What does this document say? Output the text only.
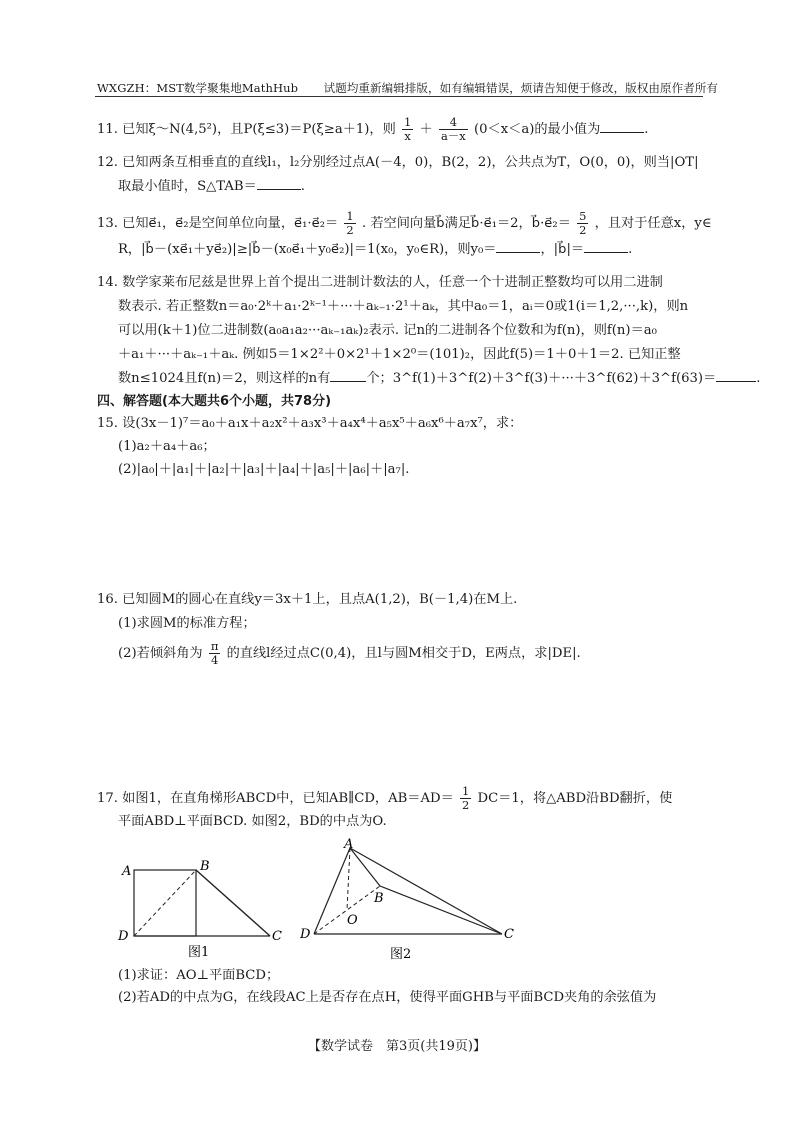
WXGZH：MST数学聚集地MathHub 试题均重新编辑排版，如有编辑错误，烦请告知便于修改，版权由原作者所有
11. 已知ξ～N(4,5²)，且P(ξ≤3)＝P(ξ≥a＋1)，则 $\frac{1}{x} + \frac{4}{a-x} (0<x<a)$的最小值为	.
12. 已知两条互相垂直的直线l₁，l₂分别经过点A(－4，0)，B(2，2)，公共点为T，O(0，0)，则当|OT|
取最小值时，S△TAB＝	.
13. 已知e⃗₁，e⃗₂是空间单位向量，e⃗₁·e⃗₂＝ $\frac{1}{2}$ . 若空间向量b⃗满足b⃗·e⃗₁＝2，b⃗·e⃗₂＝ $\frac{5}{2}$ ，且对于任意x，y∈
R，|b⃗－(xe⃗₁＋ye⃗₂)|≥|b⃗－(x₀e⃗₁＋y₀e⃗₂)|＝1(x₀，y₀∈R)，则y₀＝	，|b⃗|＝	.
14. 数学家莱布尼兹是世界上首个提出二进制计数法的人，任意一个十进制正整数均可以用二进制
数表示. 若正整数n＝a₀·2ᵏ＋a₁·2ᵏ⁻¹＋···＋aₖ₋₁·2¹＋aₖ，其中a₀＝1，aᵢ＝0或1(i＝1,2,···,k)，则n
可以用(k＋1)位二进制数(a₀a₁a₂···aₖ₋₁aₖ)₂表示. 记n的二进制各个位数和为f(n)，则f(n)＝a₀
＋a₁＋···＋aₖ₋₁＋aₖ. 例如5＝1×2²＋0×2¹＋1×2⁰＝(101)₂，因此f(5)＝1＋0＋1＝2. 已知正整
数n≤1024且f(n)＝2，则这样的n有	个；3^f(1)＋3^f(2)＋3^f(3)＋···＋3^f(62)＋3^f(63)＝	.
四、解答题(本大题共6个小题，共78分)
15. 设(3x－1)⁷＝a₀＋a₁x＋a₂x²＋a₃x³＋a₄x⁴＋a₅x⁵＋a₆x⁶＋a₇x⁷，求：
(1)a₂＋a₄＋a₆；
(2)|a₀|＋|a₁|＋|a₂|＋|a₃|＋|a₄|＋|a₅|＋|a₆|＋|a₇|.
16. 已知圆M的圆心在直线y＝3x＋1上，且点A(1,2)，B(－1,4)在M上.
(1)求圆M的标准方程；
(2)若倾斜角为 $\frac{\pi}{4}$ 的直线l经过点C(0,4)，且l与圆M相交于D，E两点，求|DE|.
17. 如图1，在直角梯形ABCD中，已知AB∥CD，$AB=AD= \frac{1}{2} DC=1$，将△ABD沿BD翻折，使
平面ABD⊥平面BCD. 如图2，BD的中点为O.
A	B
C
D
图1
A
B
C
D
O
图2
(1)求证：AO⊥平面BCD；
(2)若AD的中点为G，在线段AC上是否存在点H，使得平面GHB与平面BCD夹角的余弦值为
【数学试卷　第3页(共19页)】
